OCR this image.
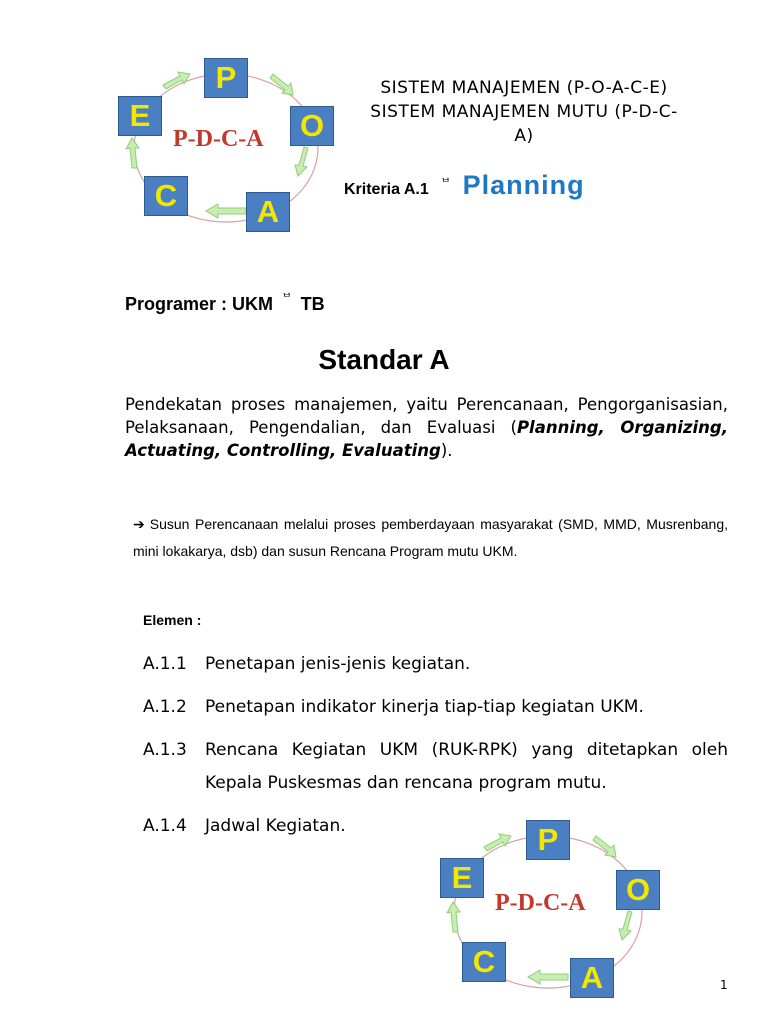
P
O
A
C
E
P-D-C-A
SISTEM MANAJEMEN (P-O-A-C-E)
SISTEM MANAJEMEN MUTU (P-D-C-
A)
Kriteria A.1 $^ᄇ$ Planning
Programer : UKM $^ᄇ$ TB
Standar A
Pendekatan proses manajemen, yaitu Perencanaan, Pengorganisasian, Pelaksanaan, Pengendalian, dan Evaluasi (Planning, Organizing, Actuating, Controlling, Evaluating).
➔ Susun Perencanaan melalui proses pemberdayaan masyarakat (SMD, MMD, Musrenbang, mini lokakarya, dsb) dan susun Rencana Program mutu UKM.
Elemen :
A.1.1 Penetapan jenis-jenis kegiatan.
A.1.2 Penetapan indikator kinerja tiap-tiap kegiatan UKM.
A.1.3 Rencana Kegiatan UKM (RUK-RPK) yang ditetapkan oleh Kepala Puskesmas dan rencana program mutu.
A.1.4 Jadwal Kegiatan.	P
O
A
C
E
P-D-C-A
1
